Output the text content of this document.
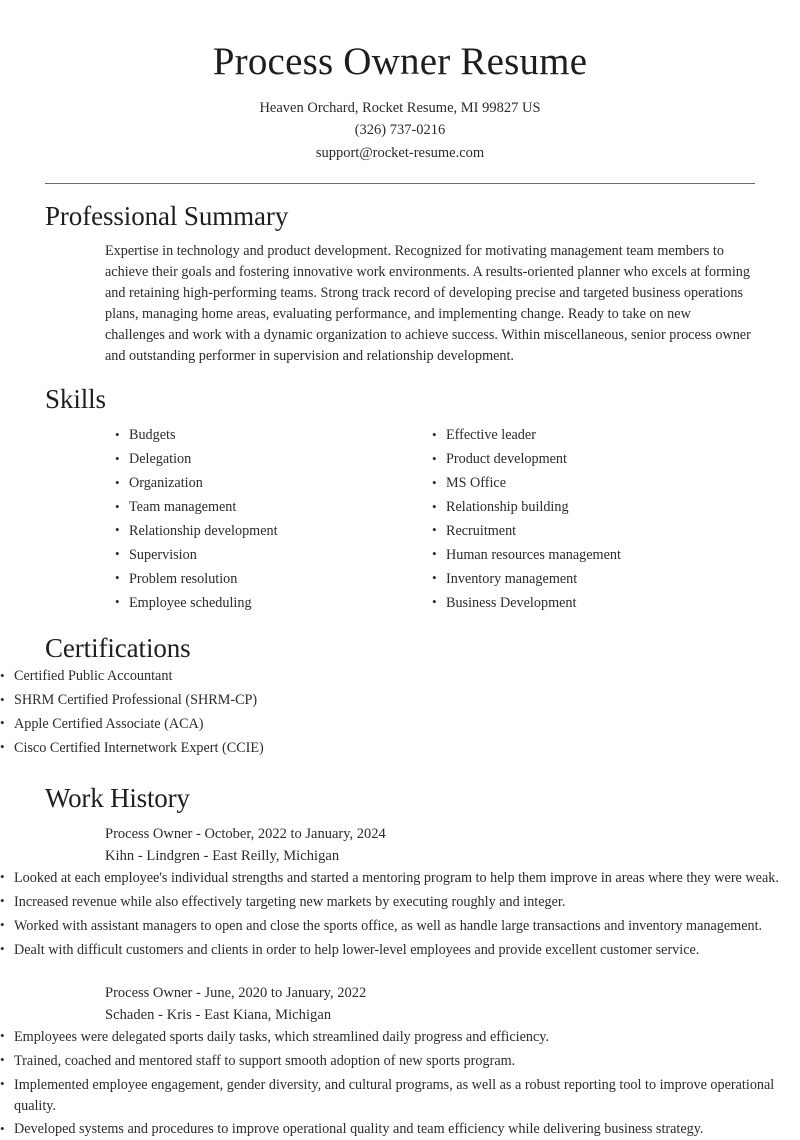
Process Owner Resume
Heaven Orchard, Rocket Resume, MI 99827 US
(326) 737-0216
support@rocket-resume.com
Professional Summary

Expertise in technology and product development. Recognized for motivating management team members to achieve their goals and fostering innovative work environments. A results-oriented planner who excels at forming and retaining high-performing teams. Strong track record of developing precise and targeted business operations plans, managing home areas, evaluating performance, and implementing change. Ready to take on new challenges and work with a dynamic organization to achieve success. Within miscellaneous, senior process owner and outstanding performer in supervision and relationship development.

Skills
• Budgets
• Delegation
• Organization
• Team management
• Relationship development
• Supervision
• Problem resolution
• Employee scheduling
• Effective leader
• Product development
• MS Office
• Relationship building
• Recruitment
• Human resources management
• Inventory management
• Business Development
Certifications
• Certified Public Accountant
• SHRM Certified Professional (SHRM-CP)
• Apple Certified Associate (ACA)
• Cisco Certified Internetwork Expert (CCIE)
Work History
Process Owner - October, 2022 to January, 2024
Kihn - Lindgren - East Reilly, Michigan
• Looked at each employee's individual strengths and started a mentoring program to help them improve in areas where they were weak.
• Increased revenue while also effectively targeting new markets by executing roughly and integer.
• Worked with assistant managers to open and close the sports office, as well as handle large transactions and inventory management.
• Dealt with difficult customers and clients in order to help lower-level employees and provide excellent customer service.
Process Owner - June, 2020 to January, 2022
Schaden - Kris - East Kiana, Michigan
• Employees were delegated sports daily tasks, which streamlined daily progress and efficiency.
• Trained, coached and mentored staff to support smooth adoption of new sports program.
• Implemented employee engagement, gender diversity, and cultural programs, as well as a robust reporting tool to improve operational quality.
• Developed systems and procedures to improve operational quality and team efficiency while delivering business strategy.
